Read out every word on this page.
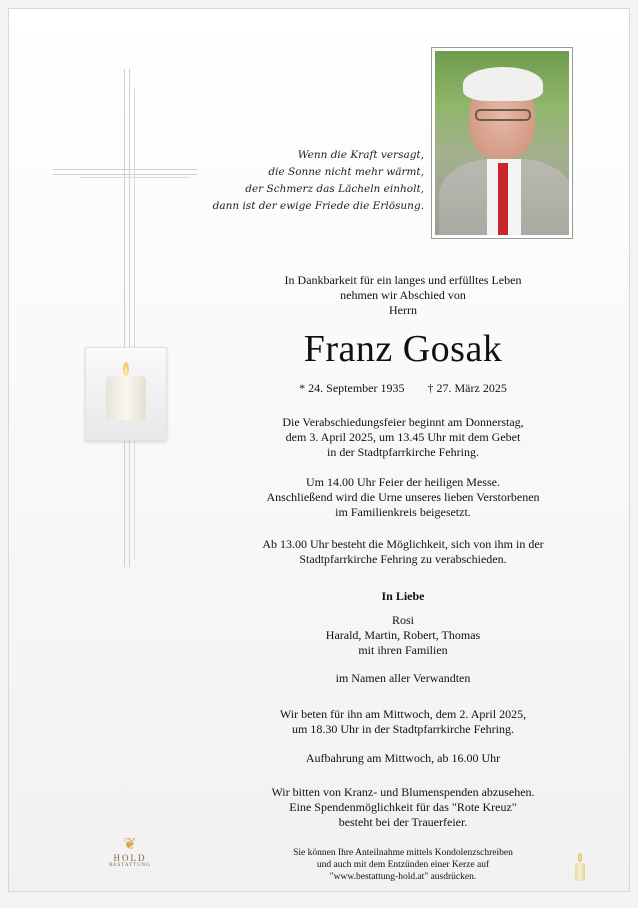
Wenn die Kraft versagt,
die Sonne nicht mehr wärmt,
der Schmerz das Lächeln einholt,
dann ist der ewige Friede die Erlösung.
In Dankbarkeit für ein langes und erfülltes Leben
nehmen wir Abschied von
Herrn
Franz Gosak
* 24. September 1935 † 27. März 2025
Die Verabschiedungsfeier beginnt am Donnerstag,
dem 3. April 2025, um 13.45 Uhr mit dem Gebet
in der Stadtpfarrkirche Fehring.
Um 14.00 Uhr Feier der heiligen Messe.
Anschließend wird die Urne unseres lieben Verstorbenen
im Familienkreis beigesetzt.
Ab 13.00 Uhr besteht die Möglichkeit, sich von ihm in der
Stadtpfarrkirche Fehring zu verabschieden.
In Liebe
Rosi
Harald, Martin, Robert, Thomas
mit ihren Familien
im Namen aller Verwandten
Wir beten für ihn am Mittwoch, dem 2. April 2025,
um 18.30 Uhr in der Stadtpfarrkirche Fehring.
Aufbahrung am Mittwoch, ab 16.00 Uhr
Wir bitten von Kranz- und Blumenspenden abzusehen.
Eine Spendenmöglichkeit für das "Rote Kreuz"
besteht bei der Trauerfeier.
❦
HOLD
BESTATTUNG
Sie können Ihre Anteilnahme mittels Kondolenzschreiben
und auch mit dem Entzünden einer Kerze auf
"www.bestattung-hold.at" ausdrücken.
